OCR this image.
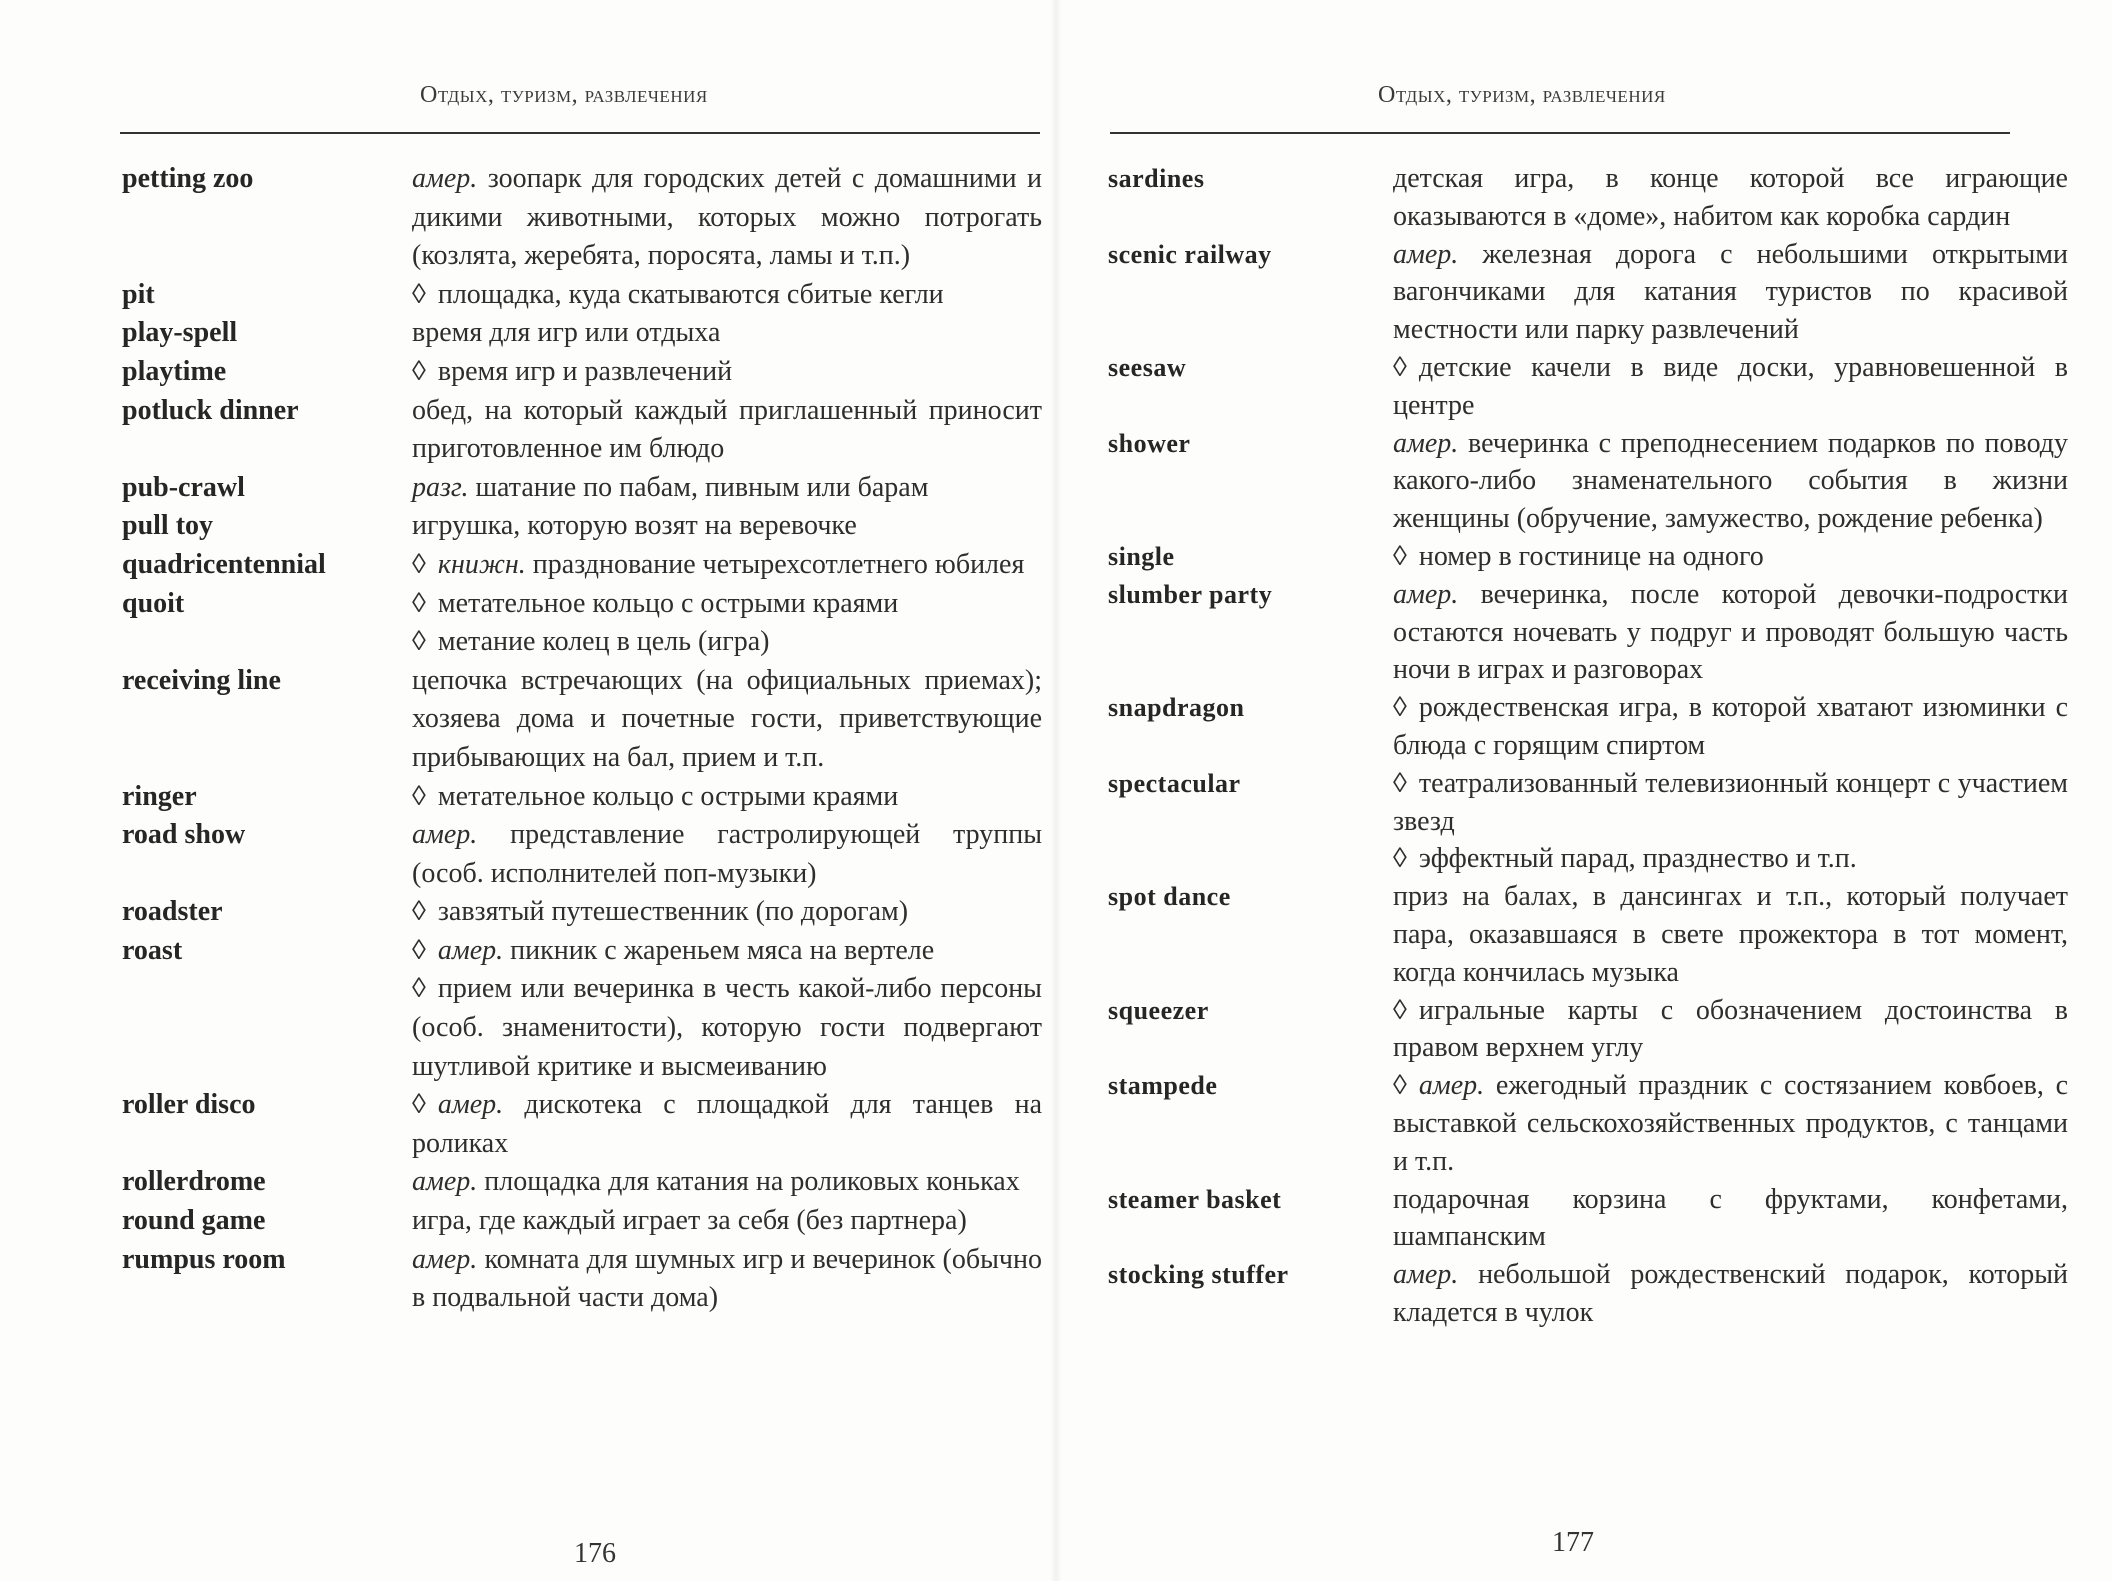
Отдых, туризм, развлечения
petting zoo	амер. зоопарк для городских детей с домашними и дикими животными, которых можно потрогать (козлята, жеребята, поросята, ламы и т.п.)
pit	◊ площадка, куда скатываются сбитые кегли
play-spell	время для игр или отдыха
playtime	◊ время игр и развлечений
potluck dinner	обед, на который каждый приглашенный приносит приготовленное им блюдо
pub-crawl	разг. шатание по пабам, пивным или барам
pull toy	игрушка, которую возят на веревочке
quadricentennial	◊ книжн. празднование четырехсотлетнего юбилея
quoit	◊ метательное кольцо с острыми краями
◊ метание колец в цель (игра)
receiving line	цепочка встречающих (на официальных приемах); хозяева дома и почетные гости, приветствующие прибывающих на бал, прием и т.п.
ringer	◊ метательное кольцо с острыми краями
road show	амер. представление гастролирующей труппы (особ. исполнителей поп-музыки)
roadster	◊ завзятый путешественник (по дорогам)
roast	◊ амер. пикник с жареньем мяса на вертеле
◊ прием или вечеринка в честь какой-либо персоны (особ. знаменитости), которую гости подвергают шутливой критике и высмеиванию
roller disco	◊ амер. дискотека с площадкой для танцев на роликах
rollerdrome	амер. площадка для катания на роликовых коньках
round game	игра, где каждый играет за себя (без партнера)
rumpus room	амер. комната для шумных игр и вечеринок (обычно в подвальной части дома)
176
Отдых, туризм, развлечения
sardines	детская игра, в конце которой все играющие оказываются в «доме», набитом как коробка сардин
scenic railway	амер. железная дорога с небольшими открытыми вагончиками для катания туристов по красивой местности или парку развлечений
seesaw	◊ детские качели в виде доски, уравновешенной в центре
shower	амер. вечеринка с преподнесением подарков по поводу какого-либо знаменательного события в жизни женщины (обручение, замужество, рождение ребенка)
single	◊ номер в гостинице на одного
slumber party	амер. вечеринка, после которой девочки-подростки остаются ночевать у подруг и проводят большую часть ночи в играх и разговорах
snapdragon	◊ рождественская игра, в которой хватают изюминки с блюда с горящим спиртом
spectacular	◊ театрализованный телевизионный концерт с участием звезд
◊ эффектный парад, празднество и т.п.
spot dance	приз на балах, в дансингах и т.п., который получает пара, оказавшаяся в свете прожектора в тот момент, когда кончилась музыка
squeezer	◊ игральные карты с обозначением достоинства в правом верхнем углу
stampede	◊ амер. ежегодный праздник с состязанием ковбоев, с выставкой сельскохозяйственных продуктов, с танцами и т.п.
steamer basket	подарочная корзина с фруктами, конфетами, шампанским
stocking stuffer	амер. небольшой рождественский подарок, который кладется в чулок
177
